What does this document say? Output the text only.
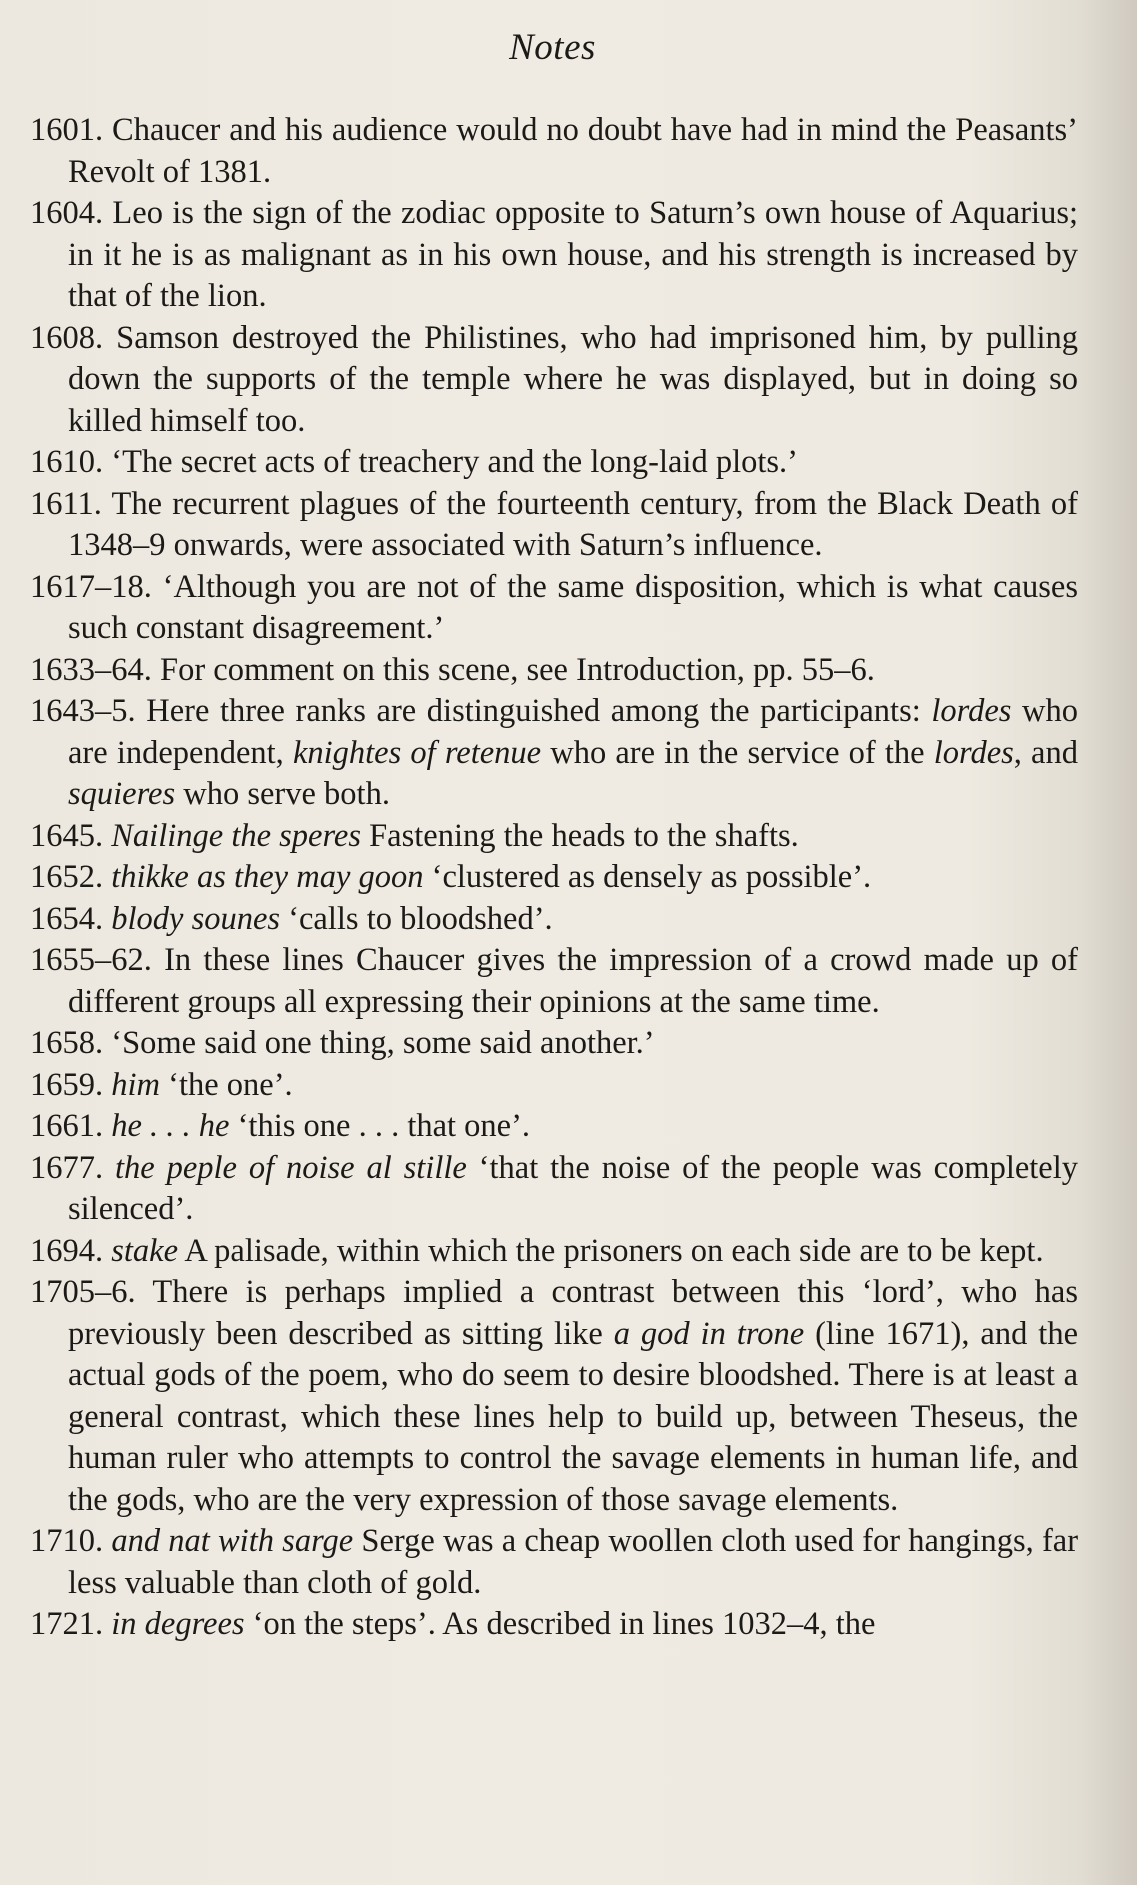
Notes

1601. Chaucer and his audience would no doubt have had in mind the Peasants’ Revolt of 1381.

1604. Leo is the sign of the zodiac opposite to Saturn’s own house of Aquarius; in it he is as malignant as in his own house, and his strength is increased by that of the lion.

1608. Samson destroyed the Philistines, who had imprisoned him, by pulling down the supports of the temple where he was displayed, but in doing so killed himself too.

1610. ‘The secret acts of treachery and the long-laid plots.’

1611. The recurrent plagues of the fourteenth century, from the Black Death of 1348–9 onwards, were associated with Saturn’s influence.

1617–18. ‘Although you are not of the same disposition, which is what causes such constant disagreement.’

1633–64. For comment on this scene, see Introduction, pp. 55–6.

1643–5. Here three ranks are distinguished among the participants: lordes who are independent, knightes of retenue who are in the service of the lordes, and squieres who serve both.

1645. Nailinge the speres Fastening the heads to the shafts.

1652. thikke as they may goon ‘clustered as densely as possible’.

1654. blody sounes ‘calls to bloodshed’.

1655–62. In these lines Chaucer gives the impression of a crowd made up of different groups all expressing their opinions at the same time.

1658. ‘Some said one thing, some said another.’

1659. him ‘the one’.

1661. he . . . he ‘this one . . . that one’.

1677. the peple of noise al stille ‘that the noise of the people was completely silenced’.

1694. stake A palisade, within which the prisoners on each side are to be kept.

1705–6. There is perhaps implied a contrast between this ‘lord’, who has previously been described as sitting like a god in trone (line 1671), and the actual gods of the poem, who do seem to desire bloodshed. There is at least a general contrast, which these lines help to build up, between Theseus, the human ruler who attempts to control the savage elements in human life, and the gods, who are the very expression of those savage elements.

1710. and nat with sarge Serge was a cheap woollen cloth used for hangings, far less valuable than cloth of gold.

1721. in degrees ‘on the steps’. As described in lines 1032–4, the
